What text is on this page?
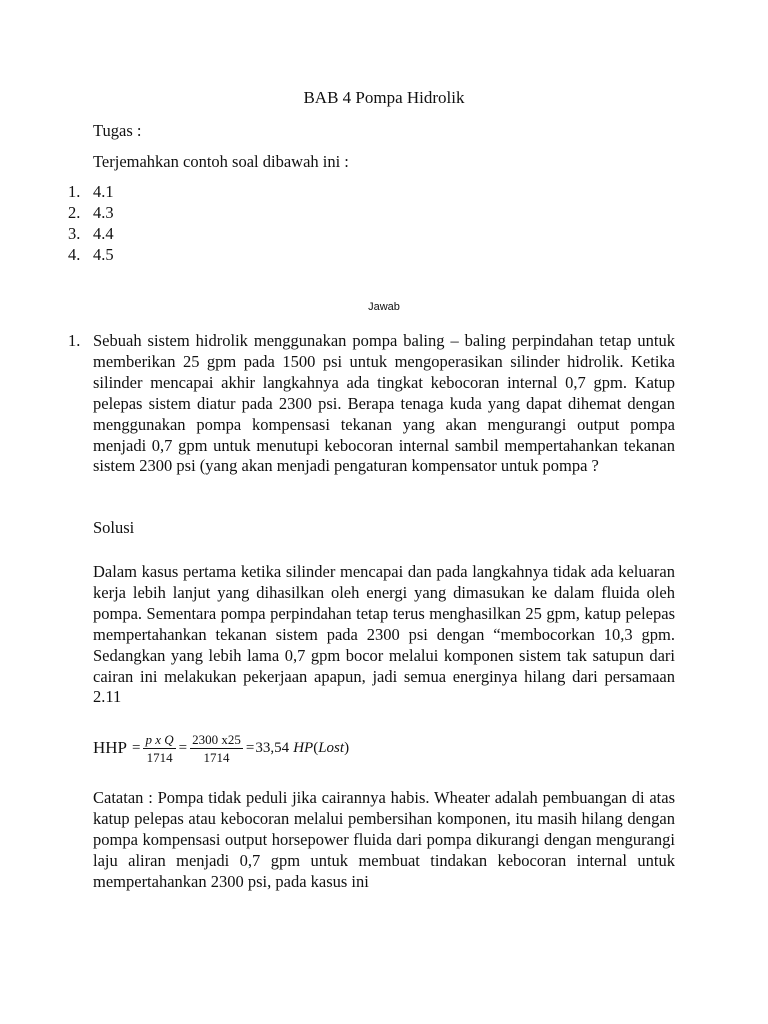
BAB 4 Pompa Hidrolik
Tugas :
Terjemahkan contoh soal dibawah ini :
1. 4.1
2. 4.3
3. 4.4
4. 4.5
Jawab
1. Sebuah sistem hidrolik menggunakan pompa baling – baling perpindahan tetap untuk memberikan 25 gpm pada 1500 psi untuk mengoperasikan silinder hidrolik. Ketika silinder mencapai akhir langkahnya ada tingkat kebocoran internal 0,7 gpm. Katup pelepas sistem diatur pada 2300 psi. Berapa tenaga kuda yang dapat dihemat dengan menggunakan pompa kompensasi tekanan yang akan mengurangi output pompa menjadi 0,7 gpm untuk menutupi kebocoran internal sambil mempertahankan tekanan sistem 2300 psi (yang akan menjadi pengaturan kompensator untuk pompa ?
Solusi
Dalam kasus pertama ketika silinder mencapai dan pada langkahnya tidak ada keluaran kerja lebih lanjut yang dihasilkan oleh energi yang dimasukan ke dalam fluida oleh pompa. Sementara pompa perpindahan tetap terus menghasilkan 25 gpm, katup pelepas mempertahankan tekanan sistem pada 2300 psi dengan “membocorkan 10,3 gpm. Sedangkan yang lebih lama 0,7 gpm bocor melalui komponen sistem tak satupun dari cairan ini melakukan pekerjaan apapun, jadi semua energinya hilang dari persamaan 2.11
HHP = $\frac{\text{p x Q}}{1714} = \frac{2300 x25}{1714} = 33,54$
HP ( Lost )
Catatan : Pompa tidak peduli jika cairannya habis. Wheater adalah pembuangan di atas katup pelepas atau kebocoran melalui pembersihan komponen, itu masih hilang dengan pompa kompensasi output horsepower fluida dari pompa dikurangi dengan mengurangi laju aliran menjadi 0,7 gpm untuk membuat tindakan kebocoran internal untuk mempertahankan 2300 psi, pada kasus ini
